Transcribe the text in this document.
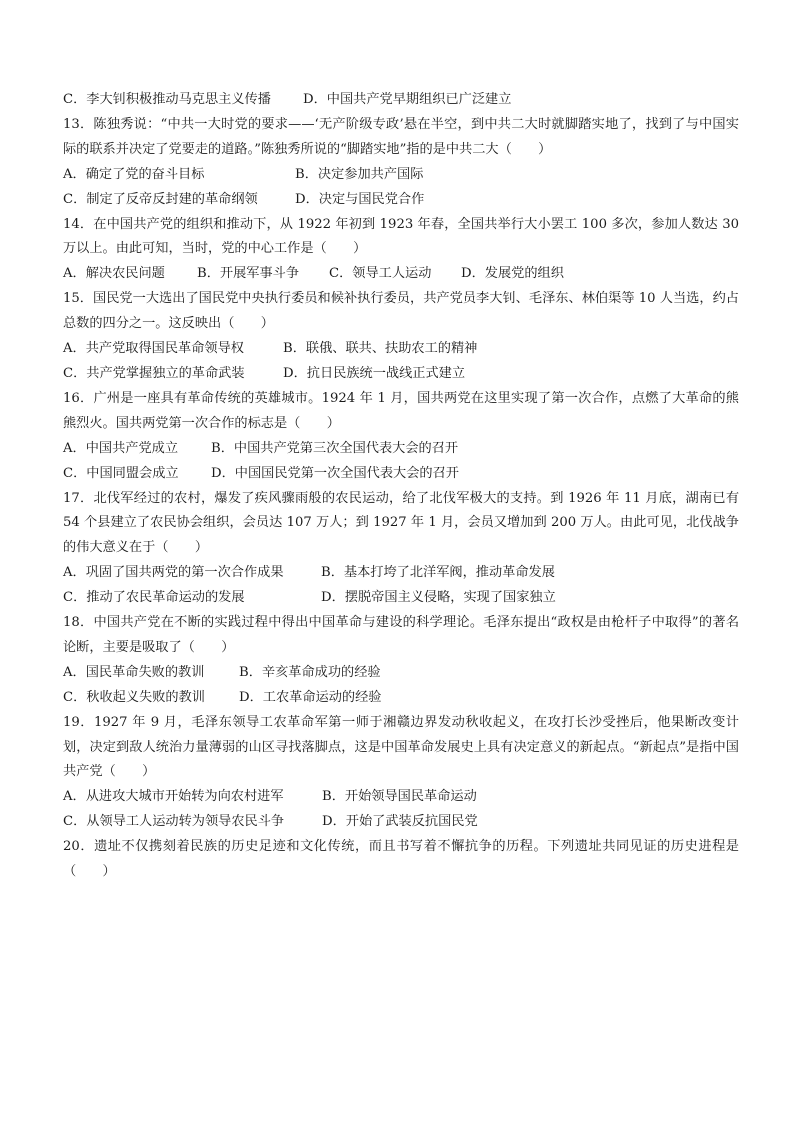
C．李大钊积极推动马克思主义传播	D．中国共产党早期组织已广泛建立
13．陈独秀说：“中共一大时党的要求——‘无产阶级专政’悬在半空，到中共二大时就脚踏实地了，找到了与中国实际的联系并决定了党要走的道路。”陈独秀所说的“脚踏实地”指的是中共二大（　　）
A．确定了党的奋斗目标	B．决定参加共产国际
C．制定了反帝反封建的革命纲领	D．决定与国民党合作
14．在中国共产党的组织和推动下，从 1922 年初到 1923 年春，全国共举行大小罢工 100 多次，参加人数达 30 万以上。由此可知，当时，党的中心工作是（　　）
A．解决农民问题	B．开展军事斗争	C．领导工人运动	D．发展党的组织
15．国民党一大选出了国民党中央执行委员和候补执行委员，共产党员李大钊、毛泽东、林伯渠等 10 人当选，约占总数的四分之一。这反映出（　　）
A．共产党取得国民革命领导权	B．联俄、联共、扶助农工的精神
C．共产党掌握独立的革命武装	D．抗日民族统一战线正式建立
16．广州是一座具有革命传统的英雄城市。1924 年 1 月，国共两党在这里实现了第一次合作，点燃了大革命的熊熊烈火。国共两党第一次合作的标志是（　　）
A．中国共产党成立	B．中国共产党第三次全国代表大会的召开
C．中国同盟会成立	D．中国国民党第一次全国代表大会的召开
17．北伐军经过的农村，爆发了疾风骤雨般的农民运动，给了北伐军极大的支持。到 1926 年 11 月底，湖南已有 54 个县建立了农民协会组织，会员达 107 万人；到 1927 年 1 月，会员又增加到 200 万人。由此可见，北伐战争的伟大意义在于（　　）
A．巩固了国共两党的第一次合作成果	B．基本打垮了北洋军阀，推动革命发展
C．推动了农民革命运动的发展	D．摆脱帝国主义侵略，实现了国家独立
18．中国共产党在不断的实践过程中得出中国革命与建设的科学理论。毛泽东提出“政权是由枪杆子中取得”的著名论断，主要是吸取了（　　）
A．国民革命失败的教训	B．辛亥革命成功的经验
C．秋收起义失败的教训	D．工农革命运动的经验
19．1927 年 9 月，毛泽东领导工农革命军第一师于湘赣边界发动秋收起义，在攻打长沙受挫后，他果断改变计划，决定到敌人统治力量薄弱的山区寻找落脚点，这是中国革命发展史上具有决定意义的新起点。“新起点”是指中国共产党（　　）
A．从进攻大城市开始转为向农村进军	B．开始领导国民革命运动
C．从领导工人运动转为领导农民斗争	D．开始了武装反抗国民党
20．遗址不仅携刻着民族的历史足迹和文化传统，而且书写着不懈抗争的历程。下列遗址共同见证的历史进程是（　　）
